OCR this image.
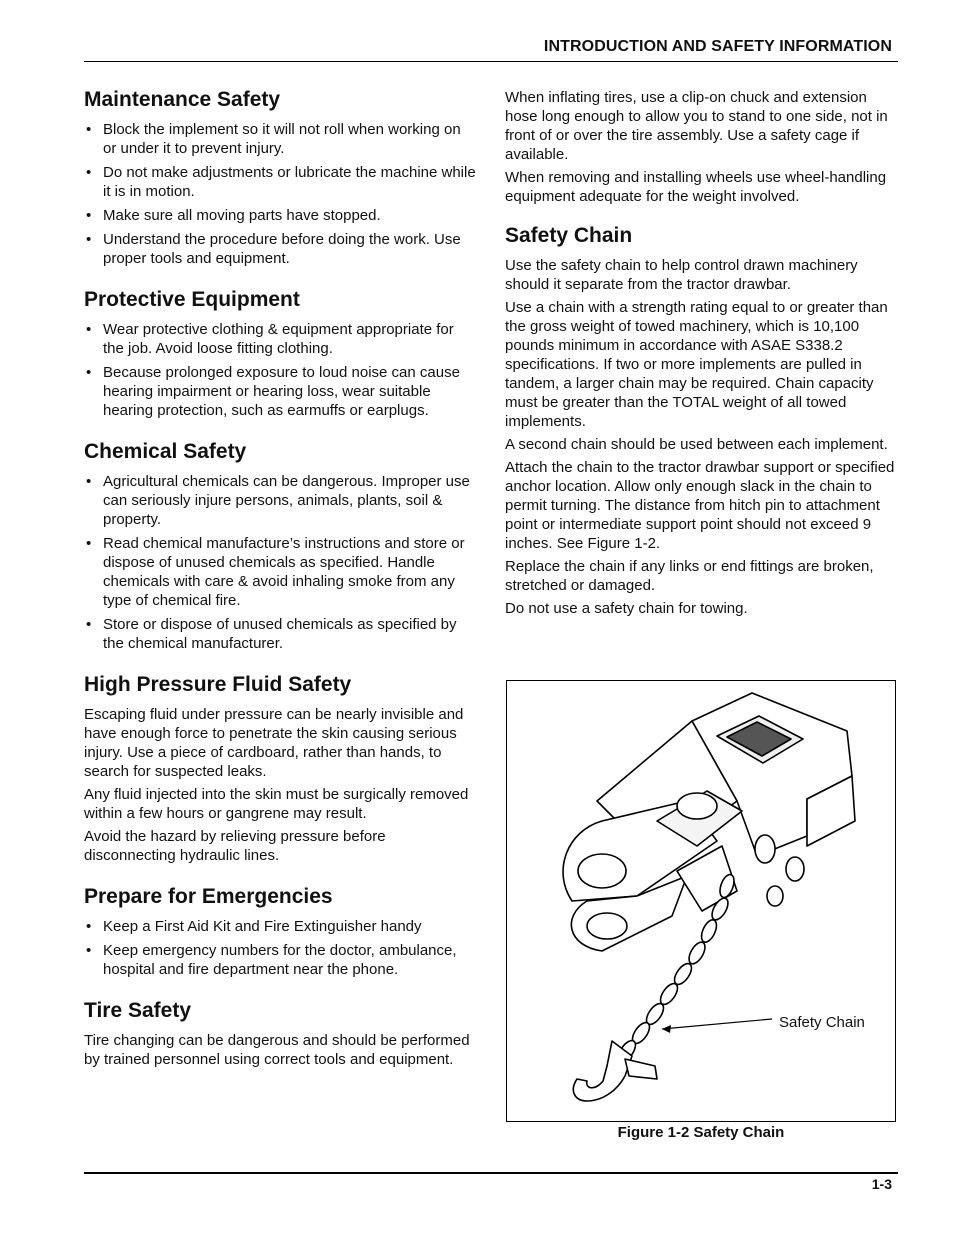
INTRODUCTION AND SAFETY INFORMATION
Maintenance Safety
• Block the implement so it will not roll when working on or under it to prevent injury.
• Do not make adjustments or lubricate the machine while it is in motion.
• Make sure all moving parts have stopped.
• Understand the procedure before doing the work. Use proper tools and equipment.
Protective Equipment
• Wear protective clothing & equipment appropriate for the job. Avoid loose fitting clothing.
• Because prolonged exposure to loud noise can cause hearing impairment or hearing loss, wear suitable hearing protection, such as earmuffs or earplugs.
Chemical Safety
• Agricultural chemicals can be dangerous. Improper use can seriously injure persons, animals, plants, soil & property.
• Read chemical manufacture’s instructions and store or dispose of unused chemicals as specified. Handle chemicals with care & avoid inhaling smoke from any type of chemical fire.
• Store or dispose of unused chemicals as specified by the chemical manufacturer.
High Pressure Fluid Safety

Escaping fluid under pressure can be nearly invisible and have enough force to penetrate the skin causing serious injury. Use a piece of cardboard, rather than hands, to search for suspected leaks.

Any fluid injected into the skin must be surgically removed within a few hours or gangrene may result.

Avoid the hazard by relieving pressure before disconnecting hydraulic lines.

Prepare for Emergencies
• Keep a First Aid Kit and Fire Extinguisher handy
• Keep emergency numbers for the doctor, ambulance, hospital and fire department near the phone.
Tire Safety

Tire changing can be dangerous and should be performed by trained personnel using correct tools and equipment.

When inflating tires, use a clip-on chuck and extension hose long enough to allow you to stand to one side, not in front of or over the tire assembly. Use a safety cage if available.

When removing and installing wheels use wheel-handling equipment adequate for the weight involved.

Safety Chain

Use the safety chain to help control drawn machinery should it separate from the tractor drawbar.

Use a chain with a strength rating equal to or greater than the gross weight of towed machinery, which is 10,100 pounds minimum in accordance with ASAE S338.2 specifications. If two or more implements are pulled in tandem, a larger chain may be required. Chain capacity must be greater than the TOTAL weight of all towed implements.

A second chain should be used between each implement.

Attach the chain to the tractor drawbar support or specified anchor location. Allow only enough slack in the chain to permit turning. The distance from hitch pin to attachment point or intermediate support point should not exceed 9 inches. See Figure 1-2.

Replace the chain if any links or end fittings are broken, stretched or damaged.

Do not use a safety chain for towing.

Safety Chain
Figure 1-2 Safety Chain
1-3
